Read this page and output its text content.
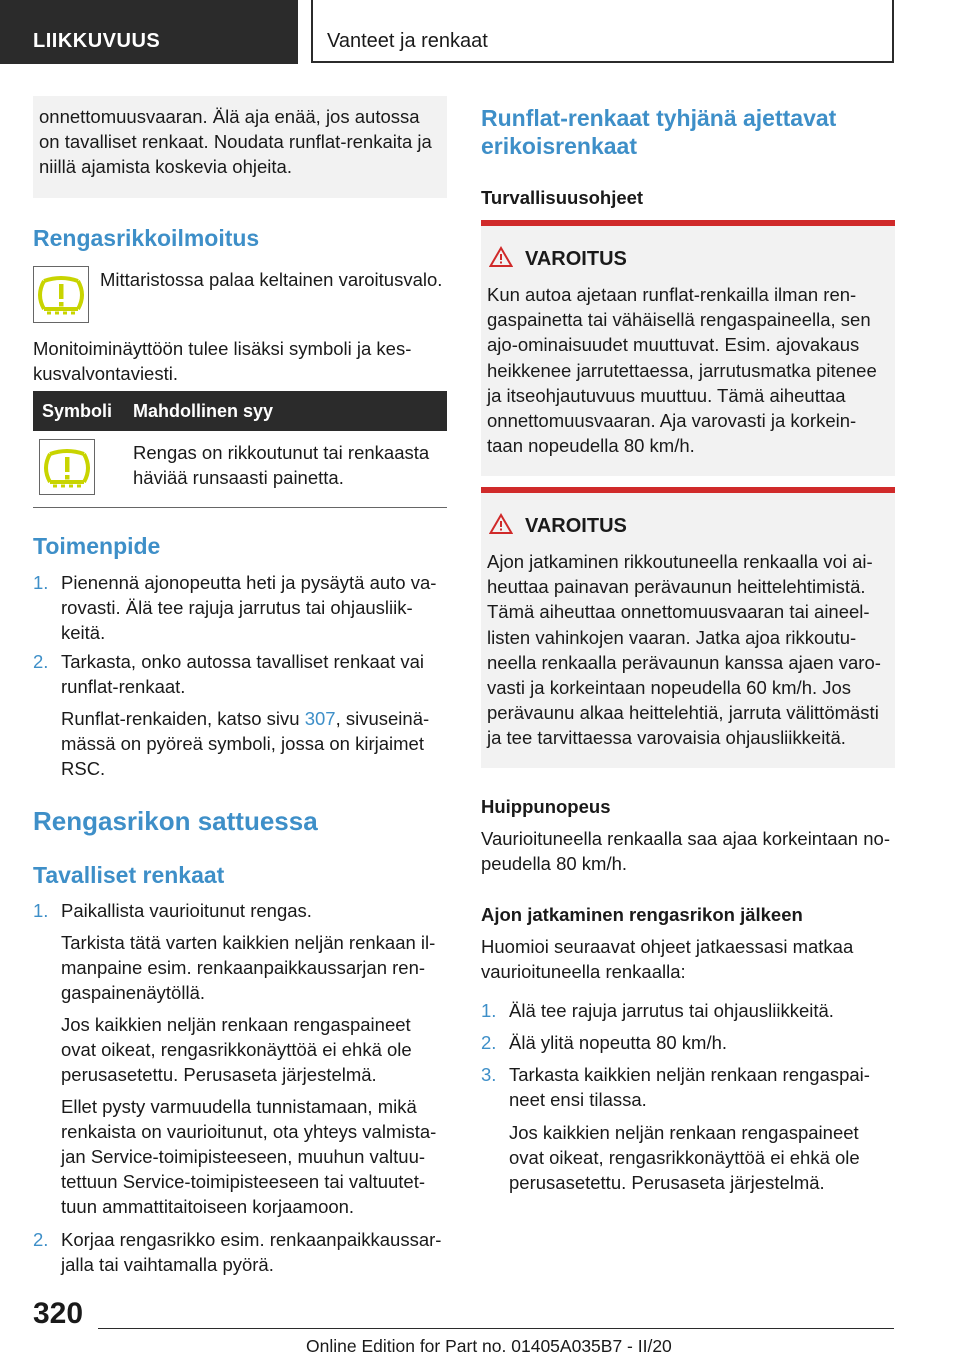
LIIKKUVUUS	Vanteet ja renkaat
onnettomuusvaaran. Älä aja enää, jos autossa
on tavalliset renkaat. Noudata runflat-renkaita ja
niillä ajamista koskevia ohjeita.
Rengasrikkoilmoitus
Mittaristossa palaa keltainen varoitusvalo.
Monitoiminäyttöön tulee lisäksi symboli ja kes-
kusvalvontaviesti.
Symboli Mahdollinen syy
Rengas on rikkoutunut tai renkaasta
häviää runsaasti painetta.
Toimenpide
1. Pienennä ajonopeutta heti ja pysäytä auto va-
rovasti. Älä tee rajuja jarrutus tai ohjausliik-
keitä.
2. Tarkasta, onko autossa tavalliset renkaat vai
runflat-renkaat.
Runflat-renkaiden, katso sivu 307, sivuseinä-
mässä on pyöreä symboli, jossa on kirjaimet
RSC.
Rengasrikon sattuessa
Tavalliset renkaat
1. Paikallista vaurioitunut rengas.
Tarkista tätä varten kaikkien neljän renkaan il-
manpaine esim. renkaanpaikkaussarjan ren-
gaspainenäytöllä.
Jos kaikkien neljän renkaan rengaspaineet
ovat oikeat, rengasrikkonäyttöä ei ehkä ole
perusasetettu. Perusaseta järjestelmä.
Ellet pysty varmuudella tunnistamaan, mikä
renkaista on vaurioitunut, ota yhteys valmista-
jan Service-toimipisteeseen, muuhun valtuu-
tettuun Service-toimipisteeseen tai valtuutet-
tuun ammattitaitoiseen korjaamoon.
2. Korjaa rengasrikko esim. renkaanpaikkaussar-
jalla tai vaihtamalla pyörä.
Runflat-renkaat tyhjänä ajettavat
erikoisrenkaat
Turvallisuusohjeet
VAROITUS
Kun autoa ajetaan runflat-renkailla ilman ren-
gaspainetta tai vähäisellä rengaspaineella, sen
ajo-ominaisuudet muuttuvat. Esim. ajovakaus
heikkenee jarrutettaessa, jarrutusmatka pitenee
ja itseohjautuvuus muuttuu. Tämä aiheuttaa
onnettomuusvaaran. Aja varovasti ja korkein-
taan nopeudella 80 km/h.
VAROITUS
Ajon jatkaminen rikkoutuneella renkaalla voi ai-
heuttaa painavan perävaunun heittelehtimistä.
Tämä aiheuttaa onnettomuusvaaran tai aineel-
listen vahinkojen vaaran. Jatka ajoa rikkoutu-
neella renkaalla perävaunun kanssa ajaen varo-
vasti ja korkeintaan nopeudella 60 km/h. Jos
perävaunu alkaa heittelehtiä, jarruta välittömästi
ja tee tarvittaessa varovaisia ohjausliikkeitä.
Huippunopeus
Vaurioituneella renkaalla saa ajaa korkeintaan no-
peudella 80 km/h.
Ajon jatkaminen rengasrikon jälkeen
Huomioi seuraavat ohjeet jatkaessasi matkaa
vaurioituneella renkaalla:
1. Älä tee rajuja jarrutus tai ohjausliikkeitä.
2. Älä ylitä nopeutta 80 km/h.
3. Tarkasta kaikkien neljän renkaan rengaspai-
neet ensi tilassa.
Jos kaikkien neljän renkaan rengaspaineet
ovat oikeat, rengasrikkonäyttöä ei ehkä ole
perusasetettu. Perusaseta järjestelmä.
320
Online Edition for Part no. 01405A035B7 - II/20
